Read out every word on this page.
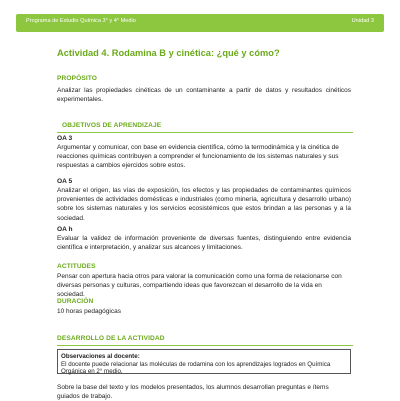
Programa de Estudio Química 3° y 4° Medio	Unidad 3
Actividad 4. Rodamina B y cinética: ¿qué y cómo?
PROPÓSITO
Analizar las propiedades cinéticas de un contaminante a partir de datos y resultados cinéticos experimentales.
OBJETIVOS DE APRENDIZAJE
OA 3
Argumentar y comunicar, con base en evidencia científica, cómo la termodinámica y la cinética de reacciones químicas contribuyen a comprender el funcionamiento de los sistemas naturales y sus respuestas a cambios ejercidos sobre estos.
OA 5
Analizar el origen, las vías de exposición, los efectos y las propiedades de contaminantes químicos provenientes de actividades domésticas e industriales (como minería, agricultura y desarrollo urbano) sobre los sistemas naturales y los servicios ecosistémicos que estos brindan a las personas y a la sociedad.
OA h
Evaluar la validez de información proveniente de diversas fuentes, distinguiendo entre evidencia científica e interpretación, y analizar sus alcances y limitaciones.
ACTITUDES
Pensar con apertura hacia otros para valorar la comunicación como una forma de relacionarse con diversas personas y culturas, compartiendo ideas que favorezcan el desarrollo de la vida en sociedad.
DURACIÓN
10 horas pedagógicas
DESARROLLO DE LA ACTIVIDAD
Observaciones al docente:
El docente puede relacionar las moléculas de rodamina con los aprendizajes logrados en Química Orgánica en 2° medio.
Sobre la base del texto y los modelos presentados, los alumnos desarrollan preguntas e ítems guiados de trabajo.
